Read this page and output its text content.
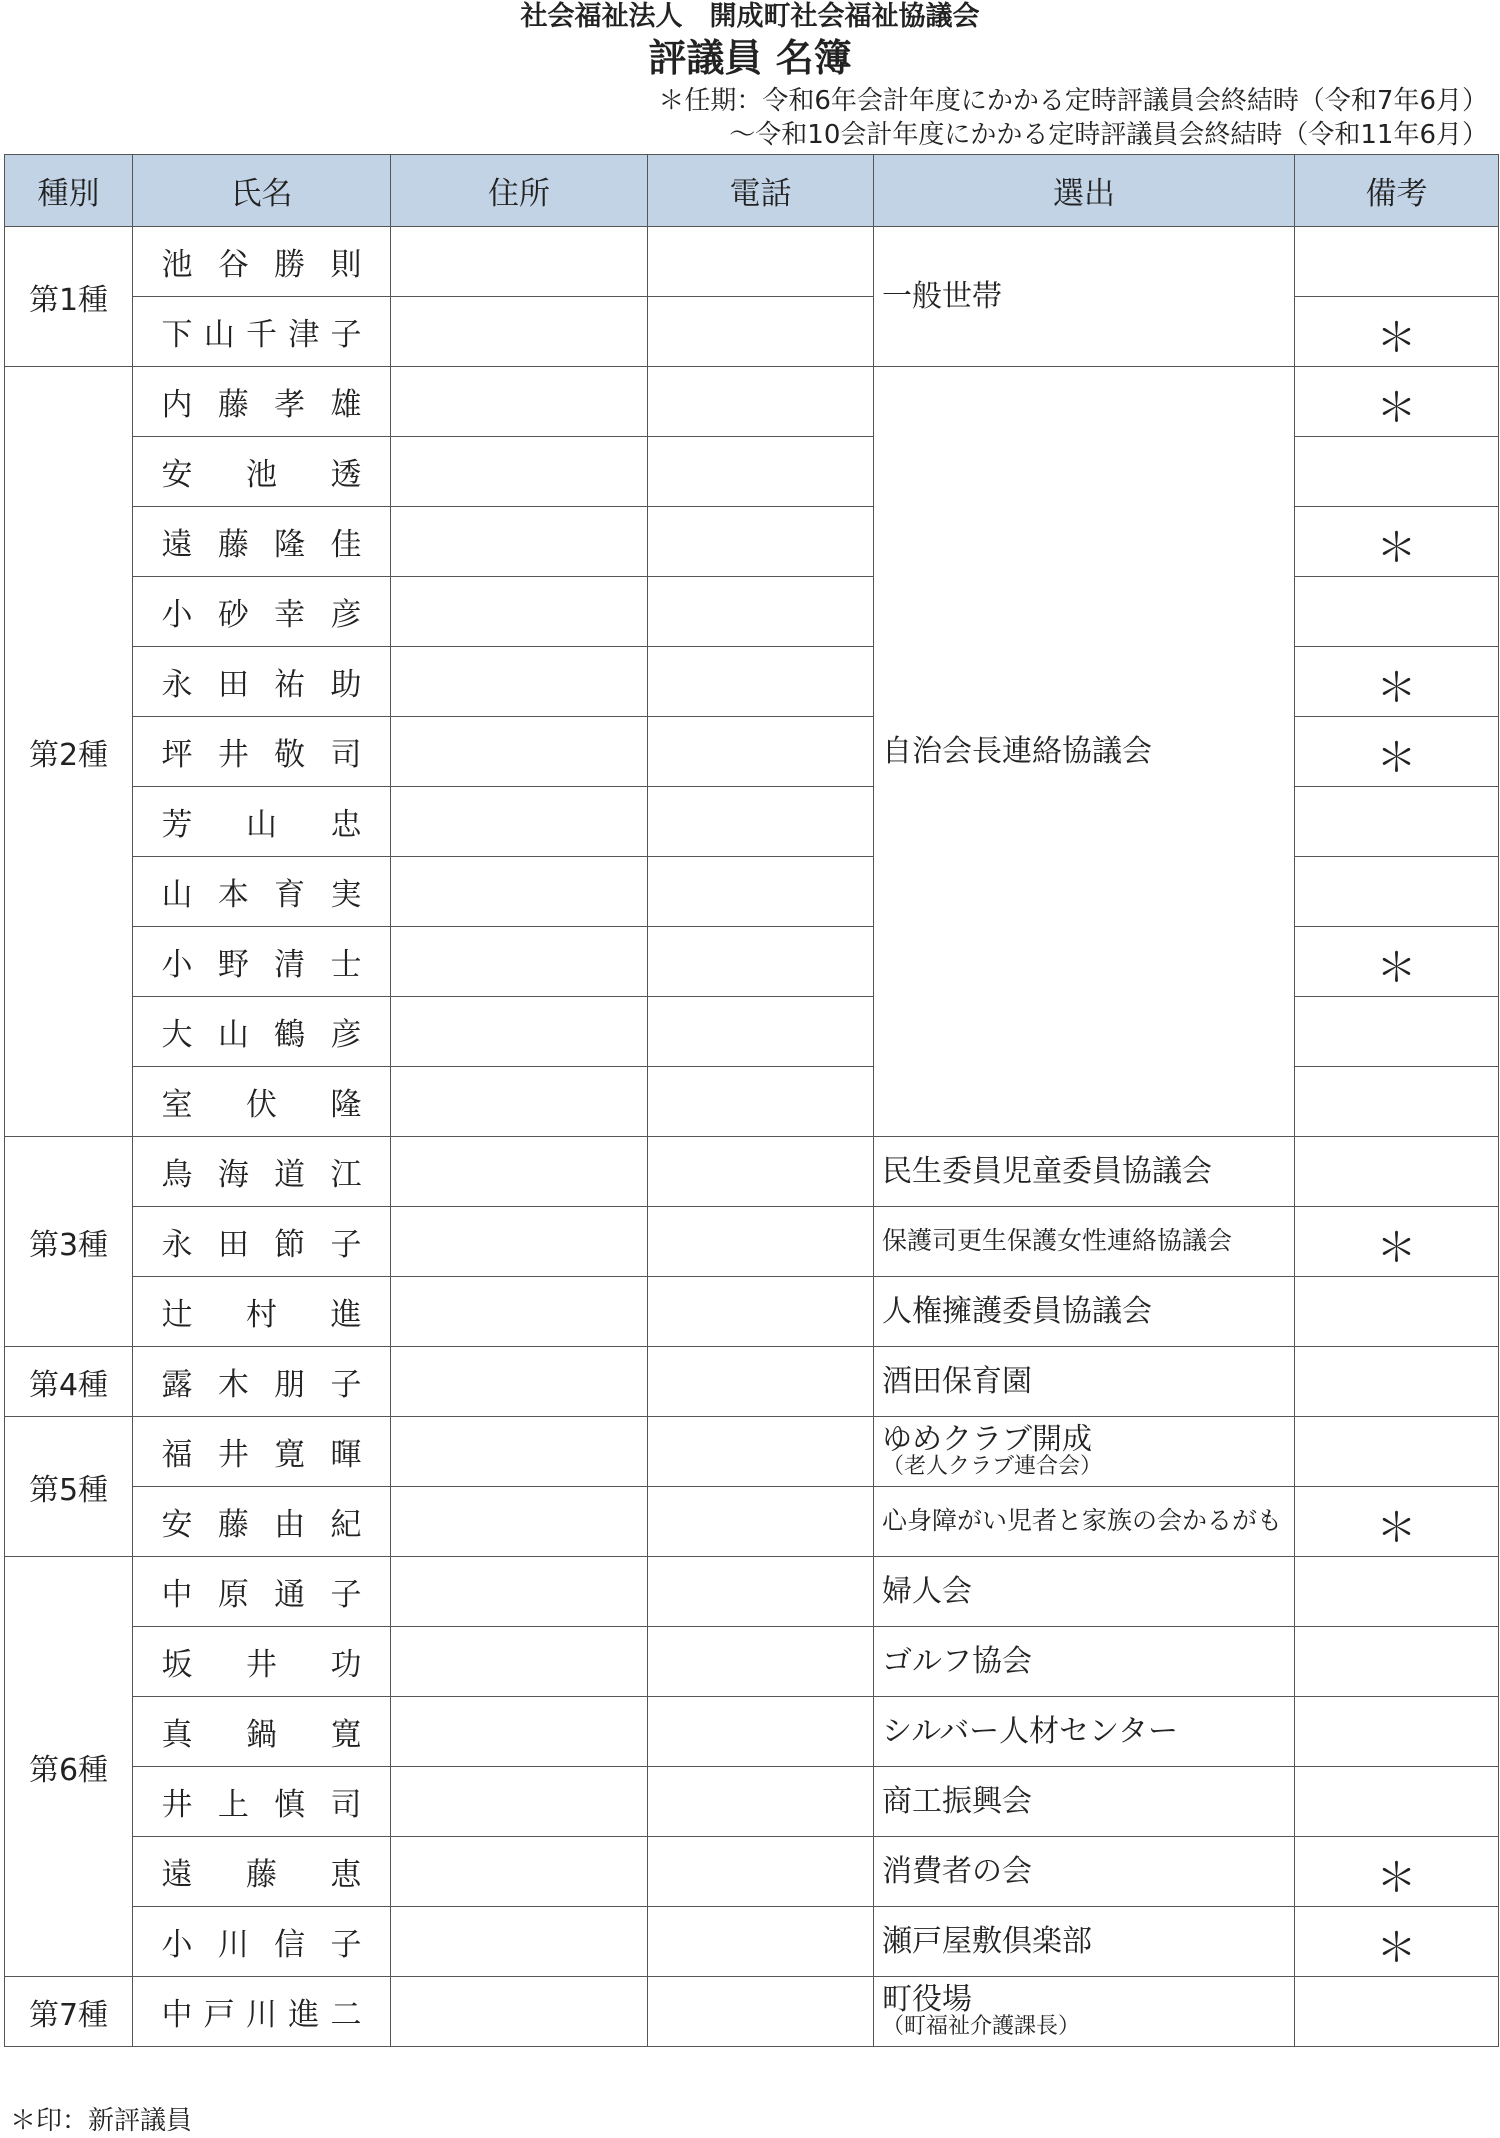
社会福祉法人　開成町社会福祉協議会
評議員 名簿
＊任期：令和6年会計年度にかかる定時評議員会終結時（令和7年6月）
～令和10会計年度にかかる定時評議員会終結時（令和11年6月）
種別	氏名	住所	電話	選出	備考
第1種	池谷勝則			一般世帯	
	下山千津子				＊
第2種	内藤孝雄			自治会長連絡協議会	＊
	安池透				
	遠藤隆佳				＊
	小砂幸彦				
	永田祐助				＊
	坪井敬司				＊
	芳山忠				
	山本育実				
	小野清士				＊
	大山鶴彦				
	室伏隆				
第3種	鳥海道江			民生委員児童委員協議会	
	永田節子			保護司更生保護女性連絡協議会	＊
	辻村進			人権擁護委員協議会	
第4種	露木朋子			酒田保育園	
第5種	福井寛暉			ゆめクラブ開成
（老人クラブ連合会）	

	安藤由紀			心身障がい児者と家族の会かるがも	＊
第6種	中原通子			婦人会	
	坂井功			ゴルフ協会	
	真鍋寛			シルバー人材センター	
	井上慎司			商工振興会	
	遠藤恵			消費者の会	＊
	小川信子			瀬戸屋敷倶楽部	＊
第7種	中戸川進二			町役場
（町福祉介護課長）	

＊印：新評議員
